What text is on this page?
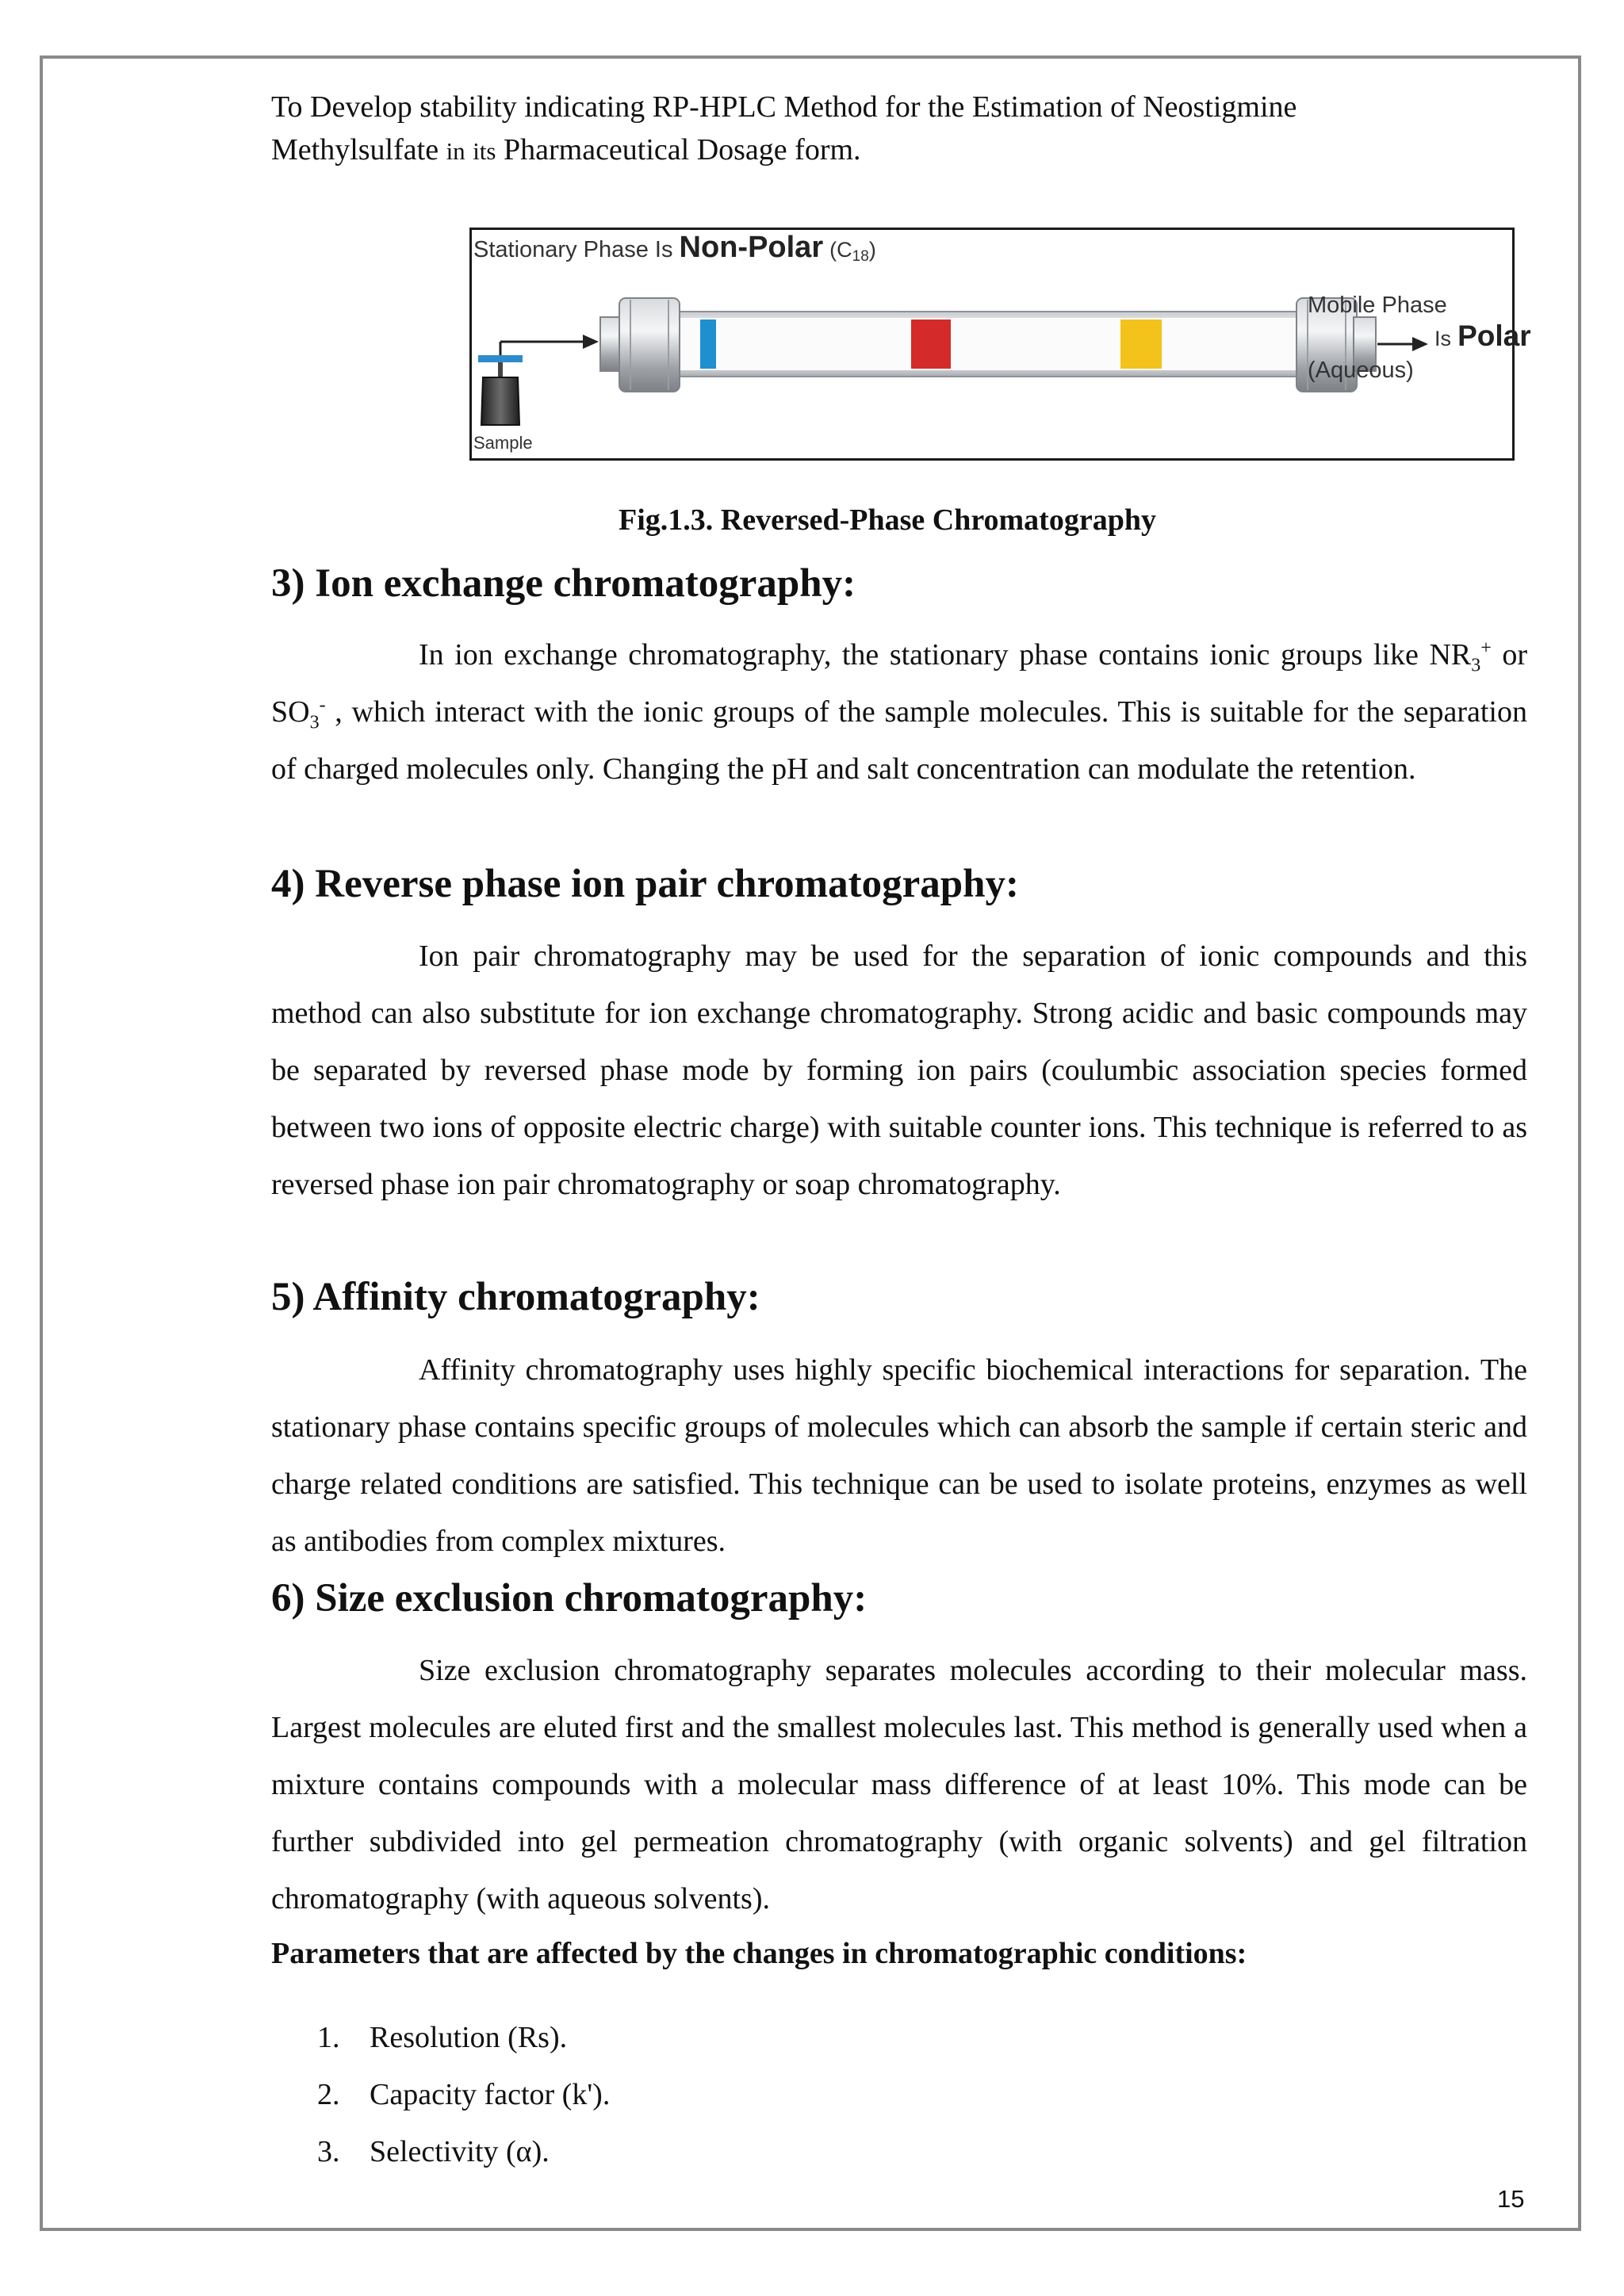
To Develop stability indicating RP-HPLC Method for the Estimation of Neostigmine
Methylsulfate in its Pharmaceutical Dosage form.
Stationary Phase Is Non-Polar (C18)
Sample
Mobile Phase
Is Polar
(Aqueous)
Fig.1.3. Reversed-Phase Chromatography
3) Ion exchange chromatography:

In ion exchange chromatography, the stationary phase contains ionic groups like $NR_3^+$ or $SO_3^-$ , which interact with the ionic groups of the sample molecules. This is suitable for the separation of charged molecules only. Changing the pH and salt concentration can modulate the retention.

4) Reverse phase ion pair chromatography:

Ion pair chromatography may be used for the separation of ionic compounds and this method can also substitute for ion exchange chromatography. Strong acidic and basic compounds may be separated by reversed phase mode by forming ion pairs (coulumbic association species formed between two ions of opposite electric charge) with suitable counter ions. This technique is referred to as reversed phase ion pair chromatography or soap chromatography.

5) Affinity chromatography:

Affinity chromatography uses highly specific biochemical interactions for separation. The stationary phase contains specific groups of molecules which can absorb the sample if certain steric and charge related conditions are satisfied. This technique can be used to isolate proteins, enzymes as well as antibodies from complex mixtures.

6) Size exclusion chromatography:

Size exclusion chromatography separates molecules according to their molecular mass. Largest molecules are eluted first and the smallest molecules last. This method is generally used when a mixture contains compounds with a molecular mass difference of at least 10%. This mode can be further subdivided into gel permeation chromatography (with organic solvents) and gel filtration chromatography (with aqueous solvents).

Parameters that are affected by the changes in chromatographic conditions:
1. Resolution (Rs).
2. Capacity factor (k').
3. Selectivity (α).
15
